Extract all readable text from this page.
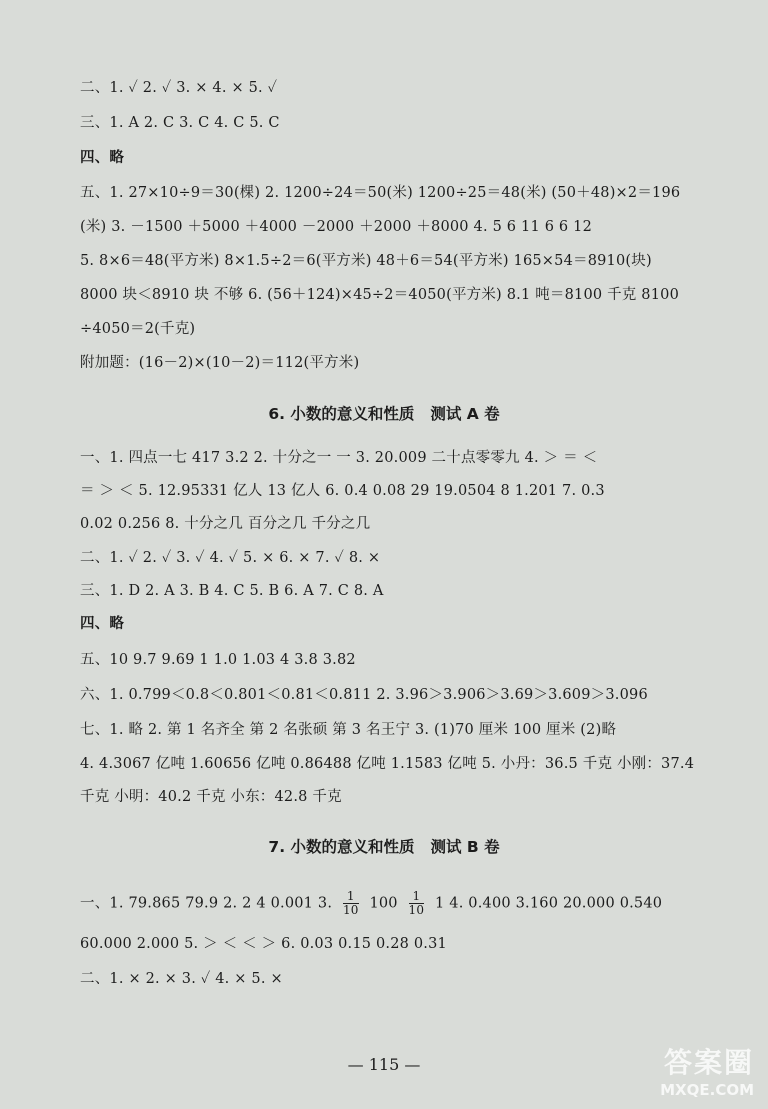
二、1. ✓ 2. ✓ 3. × 4. × 5. ✓
三、1. A 2. C 3. C 4. C 5. C
四、略
五、1. 27×10÷9＝30(棵) 2. 1200÷24＝50(米) 1200÷25＝48(米) (50＋48)×2＝196
(米) 3. －1500 ＋5000 ＋4000 －2000 ＋2000 ＋8000 4. 5 6 11 6 6 12
5. 8×6＝48(平方米) 8×1.5÷2＝6(平方米) 48＋6＝54(平方米) 165×54＝8910(块)
8000 块＜8910 块 不够 6. (56＋124)×45÷2＝4050(平方米) 8.1 吨＝8100 千克 8100
÷4050＝2(千克)
附加题：(16－2)×(10－2)＝112(平方米)
6. 小数的意义和性质 测试 A 卷
一、1. 四点一七 417 3.2 2. 十分之一 一 3. 20.009 二十点零零九 4. ＞ ＝ ＜
＝ ＞ ＜ 5. 12.95331 亿人 13 亿人 6. 0.4 0.08 29 19.0504 8 1.201 7. 0.3
0.02 0.256 8. 十分之几 百分之几 千分之几
二、1. ✓ 2. ✓ 3. ✓ 4. ✓ 5. × 6. × 7. ✓ 8. ×
三、1. D 2. A 3. B 4. C 5. B 6. A 7. C 8. A
四、略
五、10 9.7 9.69 1 1.0 1.03 4 3.8 3.82
六、1. 0.799＜0.8＜0.801＜0.81＜0.811 2. 3.96＞3.906＞3.69＞3.609＞3.096
七、1. 略 2. 第 1 名齐全 第 2 名张硕 第 3 名王宁 3. (1)70 厘米 100 厘米 (2)略
4. 4.3067 亿吨 1.60656 亿吨 0.86488 亿吨 1.1583 亿吨 5. 小丹：36.5 千克 小刚：37.4
千克 小明：40.2 千克 小东：42.8 千克
7. 小数的意义和性质 测试 B 卷
一、1. 79.865 79.9 2. 2 4 0.001 3. $\frac{1}{10} 100 \frac{1}{10} 1$ 4. 0.400 3.160 20.000 0.540
60.000 2.000 5. ＞ ＜ ＜ ＞ 6. 0.03 0.15 0.28 0.31
二、1. × 2. × 3. ✓ 4. × 5. ×
— 115 —	答案圈
MXQE.COM
